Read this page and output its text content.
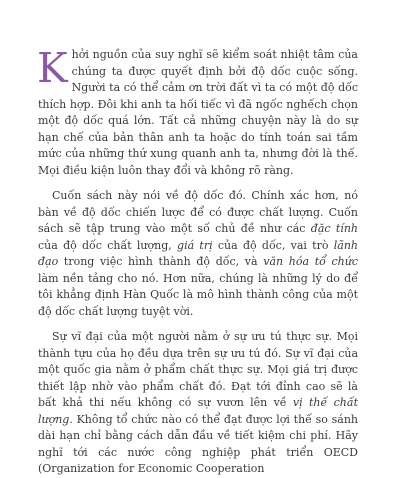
Khởi nguồn của suy nghĩ sẽ kiểm soát nhiệt tâm của chúng ta được quyết định bởi độ dốc cuộc sống. Người ta có thể cảm ơn trời đất vì ta có một độ dốc thích hợp. Đôi khi anh ta hối tiếc vì đã ngốc nghếch chọn một độ dốc quá lớn. Tất cả những chuyện này là do sự hạn chế của bản thân anh ta hoặc do tính toán sai tầm mức của những thứ xung quanh anh ta, nhưng đời là thế. Mọi điều kiện luôn thay đổi và không rõ ràng.

Cuốn sách này nói về độ dốc đó. Chính xác hơn, nó bàn về độ dốc chiến lược để có được chất lượng. Cuốn sách sẽ tập trung vào một số chủ đề như các đặc tính của độ dốc chất lượng, giá trị của độ dốc, vai trò lãnh đạo trong việc hình thành độ dốc, và văn hóa tổ chức làm nền tảng cho nó. Hơn nữa, chúng là những lý do để tôi khẳng định Hàn Quốc là mô hình thành công của một độ dốc chất lượng tuyệt vời.

Sự vĩ đại của một người nằm ở sự ưu tú thực sự. Mọi thành tựu của họ đều dựa trên sự ưu tú đó. Sự vĩ đại của một quốc gia nằm ở phẩm chất thực sự. Mọi giá trị được thiết lập nhờ vào phẩm chất đó. Đạt tới đỉnh cao sẽ là bất khả thi nếu không có sự vươn lên về vị thế chất lượng. Không tổ chức nào có thể đạt được lợi thế so sánh dài hạn chỉ bằng cách dẫn đầu về tiết kiệm chi phí. Hãy nghĩ tới các nước công nghiệp phát triển OECD (Organization for Economic Cooperation
